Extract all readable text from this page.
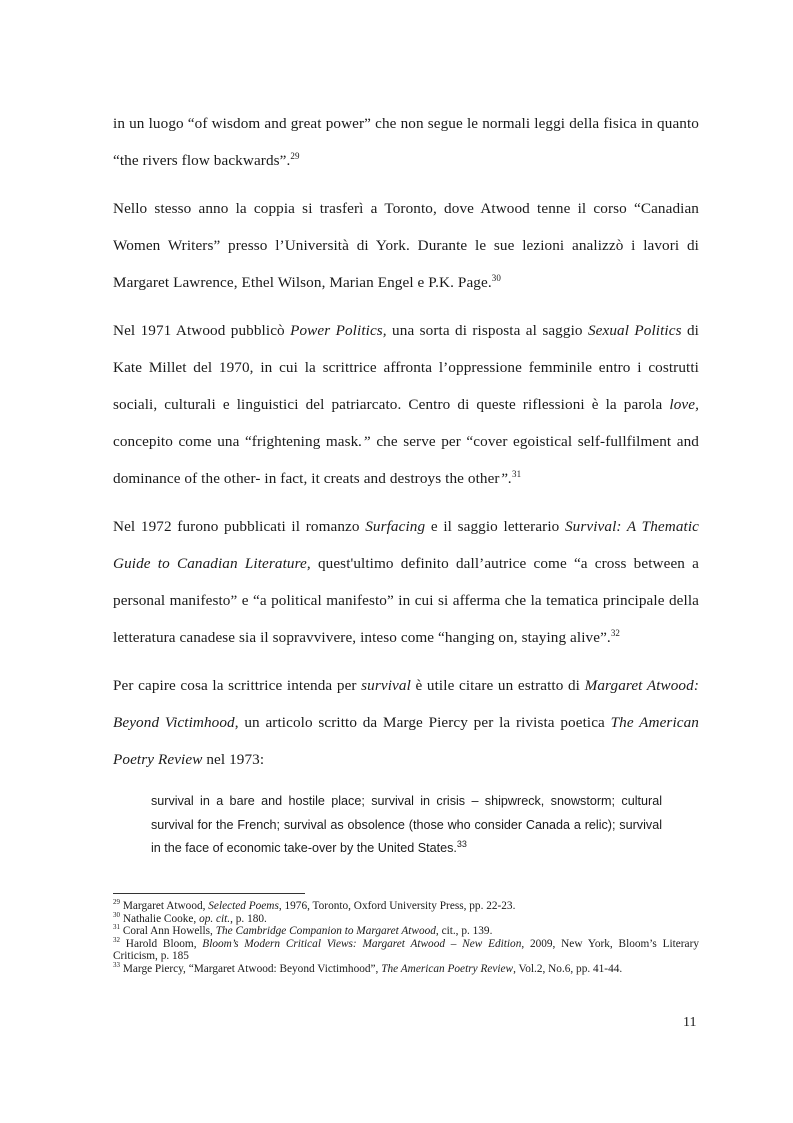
in un luogo “of wisdom and great power” che non segue le normali leggi della fisica in quanto “the rivers flow backwards”.$^{29}$

Nello stesso anno la coppia si trasferì a Toronto, dove Atwood tenne il corso “Canadian Women Writers” presso l’Università di York. Durante le sue lezioni analizzò i lavori di Margaret Lawrence, Ethel Wilson, Marian Engel e P.K. Page.$^{30}$

Nel 1971 Atwood pubblicò Power Politics, una sorta di risposta al saggio Sexual Politics di Kate Millet del 1970, in cui la scrittrice affronta l’oppressione femminile entro i costrutti sociali, culturali e linguistici del patriarcato. Centro di queste riflessioni è la parola love, concepito come una “frightening mask.” che serve per “cover egoistical self-fullfilment and dominance of the other- in fact, it creats and destroys the other”.$^{31}$

Nel 1972 furono pubblicati il romanzo Surfacing e il saggio letterario Survival: A Thematic Guide to Canadian Literature, quest'ultimo definito dall’autrice come “a cross between a personal manifesto” e “a political manifesto” in cui si afferma che la tematica principale della letteratura canadese sia il sopravvivere, inteso come “hanging on, staying alive”.$^{32}$

Per capire cosa la scrittrice intenda per survival è utile citare un estratto di Margaret Atwood: Beyond Victimhood, un articolo scritto da Marge Piercy per la rivista poetica The American Poetry Review nel 1973:

survival in a bare and hostile place; survival in crisis – shipwreck, snowstorm; cultural survival for the French; survival as obsolence (those who consider Canada a relic); survival in the face of economic take-over by the United States.$^{33}$

$^{29}$ Margaret Atwood, Selected Poems, 1976, Toronto, Oxford University Press, pp. 22-23.

$^{30}$ Nathalie Cooke, op. cit., p. 180.

$^{31}$ Coral Ann Howells, The Cambridge Companion to Margaret Atwood, cit., p. 139.

$^{32}$ Harold Bloom, Bloom’s Modern Critical Views: Margaret Atwood – New Edition, 2009, New York, Bloom’s Literary Criticism, p. 185

$^{33}$ Marge Piercy, “Margaret Atwood: Beyond Victimhood”, The American Poetry Review, Vol.2, No.6, pp. 41-44.

11
